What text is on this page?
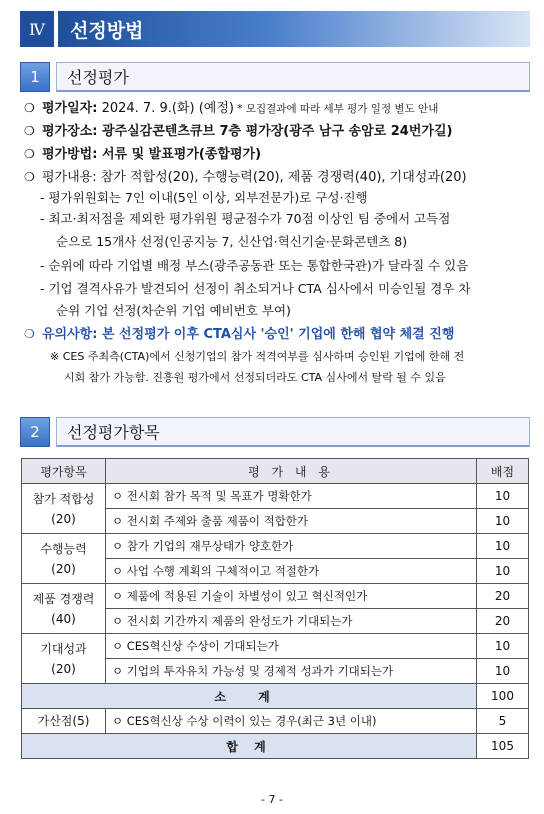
Ⅳ	선정방법
1	선정평가
❍ 평가일자: 2024. 7. 9.(화) (예정) * 모집결과에 따라 세부 평가 일정 별도 안내
❍ 평가장소: 광주실감콘텐츠큐브 7층 평가장(광주 남구 송암로 24번가길)
❍ 평가방법: 서류 및 발표평가(종합평가)
❍ 평가내용: 참가 적합성(20), 수행능력(20), 제품 경쟁력(40), 기대성과(20)
- 평가위원회는 7인 이내(5인 이상, 외부전문가)로 구성·진행
- 최고·최저점을 제외한 평가위원 평균점수가 70점 이상인 팀 중에서 고득점
순으로 15개사 선정(인공지능 7, 신산업·혁신기술·문화콘텐츠 8)
- 순위에 따라 기업별 배정 부스(광주공동관 또는 통합한국관)가 달라질 수 있음
- 기업 결격사유가 발견되어 선정이 취소되거나 CTA 심사에서 미승인될 경우 차
순위 기업 선정(차순위 기업 예비번호 부여)
❍ 유의사항: 본 선정평가 이후 CTA심사 '승인' 기업에 한해 협약 체결 진행
※ CES 주최측(CTA)에서 신청기업의 참가 적격여부를 심사하며 승인된 기업에 한해 전
시회 참가 가능함. 진흥원 평가에서 선정되더라도 CTA 심사에서 탈락 될 수 있음
2	선정평가항목
평가항목	평 가 내 용	배점
참가 적합성
(20)	ㅇ 전시회 참가 목적 및 목표가 명확한가	10
	ㅇ 전시회 주제와 출품 제품이 적합한가	10
수행능력
(20)	ㅇ 참가 기업의 재무상태가 양호한가	10
	ㅇ 사업 수행 계획의 구체적이고 적절한가	10
제품 경쟁력
(40)	ㅇ 제품에 적용된 기술이 차별성이 있고 혁신적인가	20
	ㅇ 전시회 기간까지 제품의 완성도가 기대되는가	20
기대성과
(20)	ㅇ CES혁신상 수상이 기대되는가	10
	ㅇ 기업의 투자유치 가능성 및 경제적 성과가 기대되는가	10
소 계		100
가산점(5)	ㅇ CES혁신상 수상 이력이 있는 경우(최근 3년 이내)	5
합 계		105
- 7 -
